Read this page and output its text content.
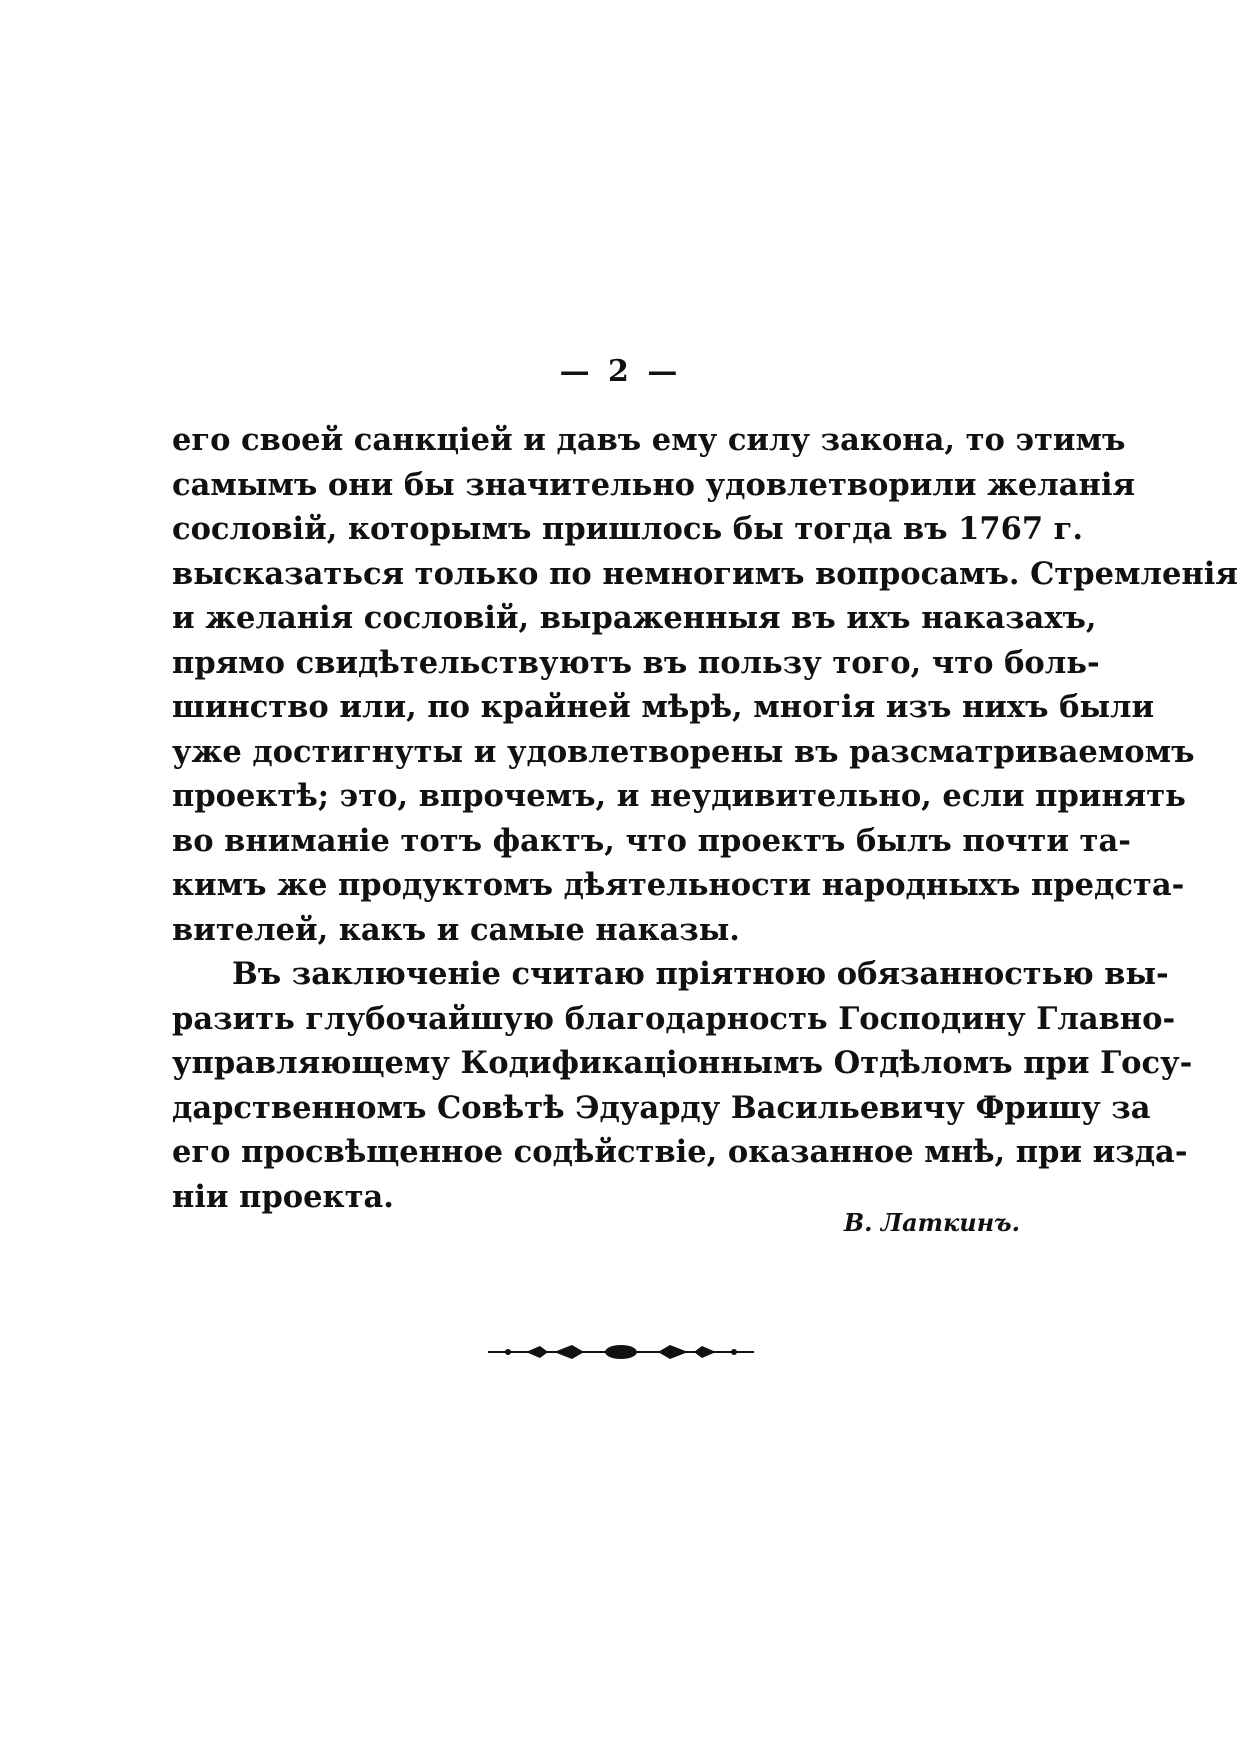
— 2 —
его своей санкціей и давъ ему силу закона, то этимъ
самымъ они бы значительно удовлетворили желанія
сословій, которымъ пришлось бы тогда въ 1767 г.
высказаться только по немногимъ вопросамъ. Стремленія
и желанія сословій, выраженныя въ ихъ наказахъ,
прямо свидѣтельствуютъ въ пользу того, что боль-
шинство или, по крайней мѣрѣ, многія изъ нихъ были
уже достигнуты и удовлетворены въ разсматриваемомъ
проектѣ; это, впрочемъ, и неудивительно, если принять
во вниманіе тотъ фактъ, что проектъ былъ почти та-
кимъ же продуктомъ дѣятельности народныхъ предста-
вителей, какъ и самые наказы.
Въ заключеніе считаю пріятною обязанностью вы-
разить глубочайшую благодарность Господину Главно-
управляющему Кодификаціоннымъ Отдѣломъ при Госу-
дарственномъ Совѣтѣ Эдуарду Васильевичу Фришу за
его просвѣщенное содѣйствіе, оказанное мнѣ, при изда-
ніи проекта.
В. Латкинъ.
